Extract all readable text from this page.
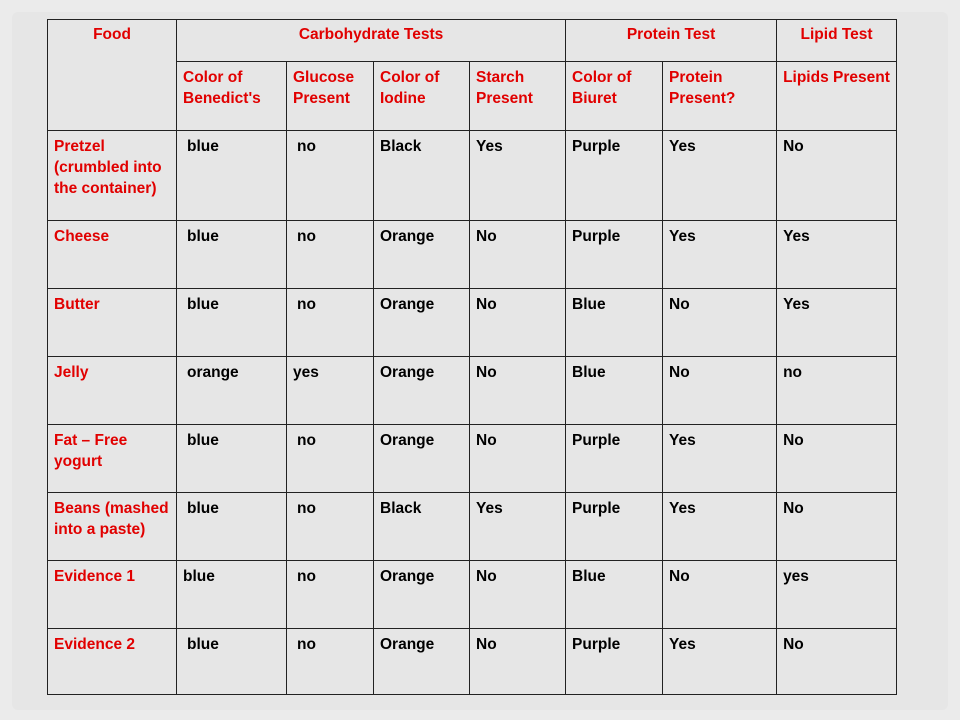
Food	Carbohydrate Tests				Protein Test		Lipid Test
	Color of Benedict's	Glucose Present	Color of Iodine	Starch Present	Color of Biuret	Protein Present?	Lipids Present
Pretzel (crumbled into the container)	blue	no	Black	Yes	Purple	Yes	No
Cheese	blue	no	Orange	No	Purple	Yes	Yes
Butter	blue	no	Orange	No	Blue	No	Yes
Jelly	orange	yes	Orange	No	Blue	No	no
Fat – Free yogurt	blue	no	Orange	No	Purple	Yes	No
Beans (mashed into a paste)	blue	no	Black	Yes	Purple	Yes	No
Evidence 1	blue	no	Orange	No	Blue	No	yes
Evidence 2	blue	no	Orange	No	Purple	Yes	No
